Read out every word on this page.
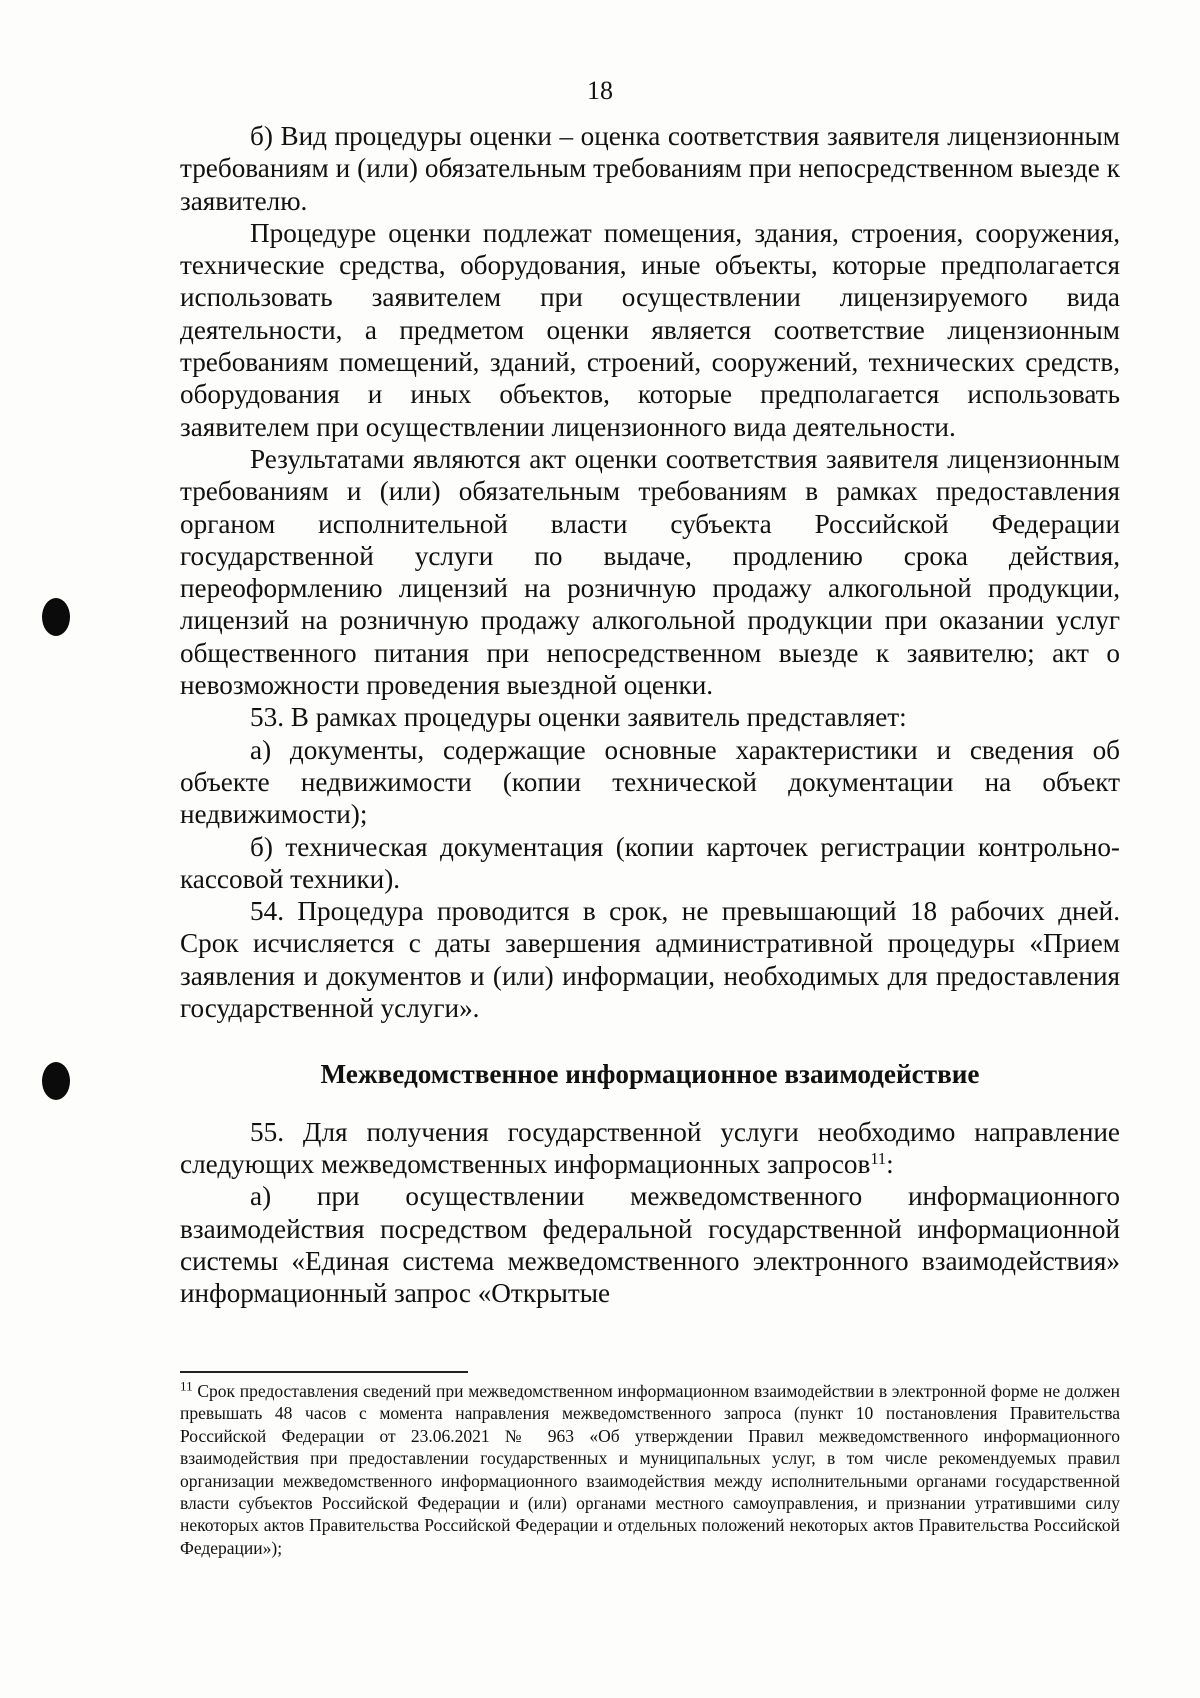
18

б) Вид процедуры оценки – оценка соответствия заявителя лицензионным требованиям и (или) обязательным требованиям при непосредственном выезде к заявителю.

Процедуре оценки подлежат помещения, здания, строения, сооружения, технические средства, оборудования, иные объекты, которые предполагается использовать заявителем при осуществлении лицензируемого вида деятельности, а предметом оценки является соответствие лицензионным требованиям помещений, зданий, строений, сооружений, технических средств, оборудования и иных объектов, которые предполагается использовать заявителем при осуществлении лицензионного вида деятельности.

Результатами являются акт оценки соответствия заявителя лицензионным требованиям и (или) обязательным требованиям в рамках предоставления органом исполнительной власти субъекта Российской Федерации государственной услуги по выдаче, продлению срока действия, переоформлению лицензий на розничную продажу алкогольной продукции, лицензий на розничную продажу алкогольной продукции при оказании услуг общественного питания при непосредственном выезде к заявителю; акт о невозможности проведения выездной оценки.

53. В рамках процедуры оценки заявитель представляет:

а) документы, содержащие основные характеристики и сведения об объекте недвижимости (копии технической документации на объект недвижимости);

б) техническая документация (копии карточек регистрации контрольно-кассовой техники).

54. Процедура проводится в срок, не превышающий 18 рабочих дней. Срок исчисляется с даты завершения административной процедуры «Прием заявления и документов и (или) информации, необходимых для предоставления государственной услуги».

Межведомственное информационное взаимодействие

55. Для получения государственной услуги необходимо направление следующих межведомственных информационных запросов$^{11}$:

а) при осуществлении межведомственного информационного взаимодействия посредством федеральной государственной информационной системы «Единая система межведомственного электронного взаимодействия» информационный запрос «Открытые

$^{11}$ Срок предоставления сведений при межведомственном информационном взаимодействии в электронной форме не должен превышать 48 часов с момента направления межведомственного запроса (пункт 10 постановления Правительства Российской Федерации от 23.06.2021 № 963 «Об утверждении Правил межведомственного информационного взаимодействия при предоставлении государственных и муниципальных услуг, в том числе рекомендуемых правил организации межведомственного информационного взаимодействия между исполнительными органами государственной власти субъектов Российской Федерации и (или) органами местного самоуправления, и признании утратившими силу некоторых актов Правительства Российской Федерации и отдельных положений некоторых актов Правительства Российской Федерации»);
